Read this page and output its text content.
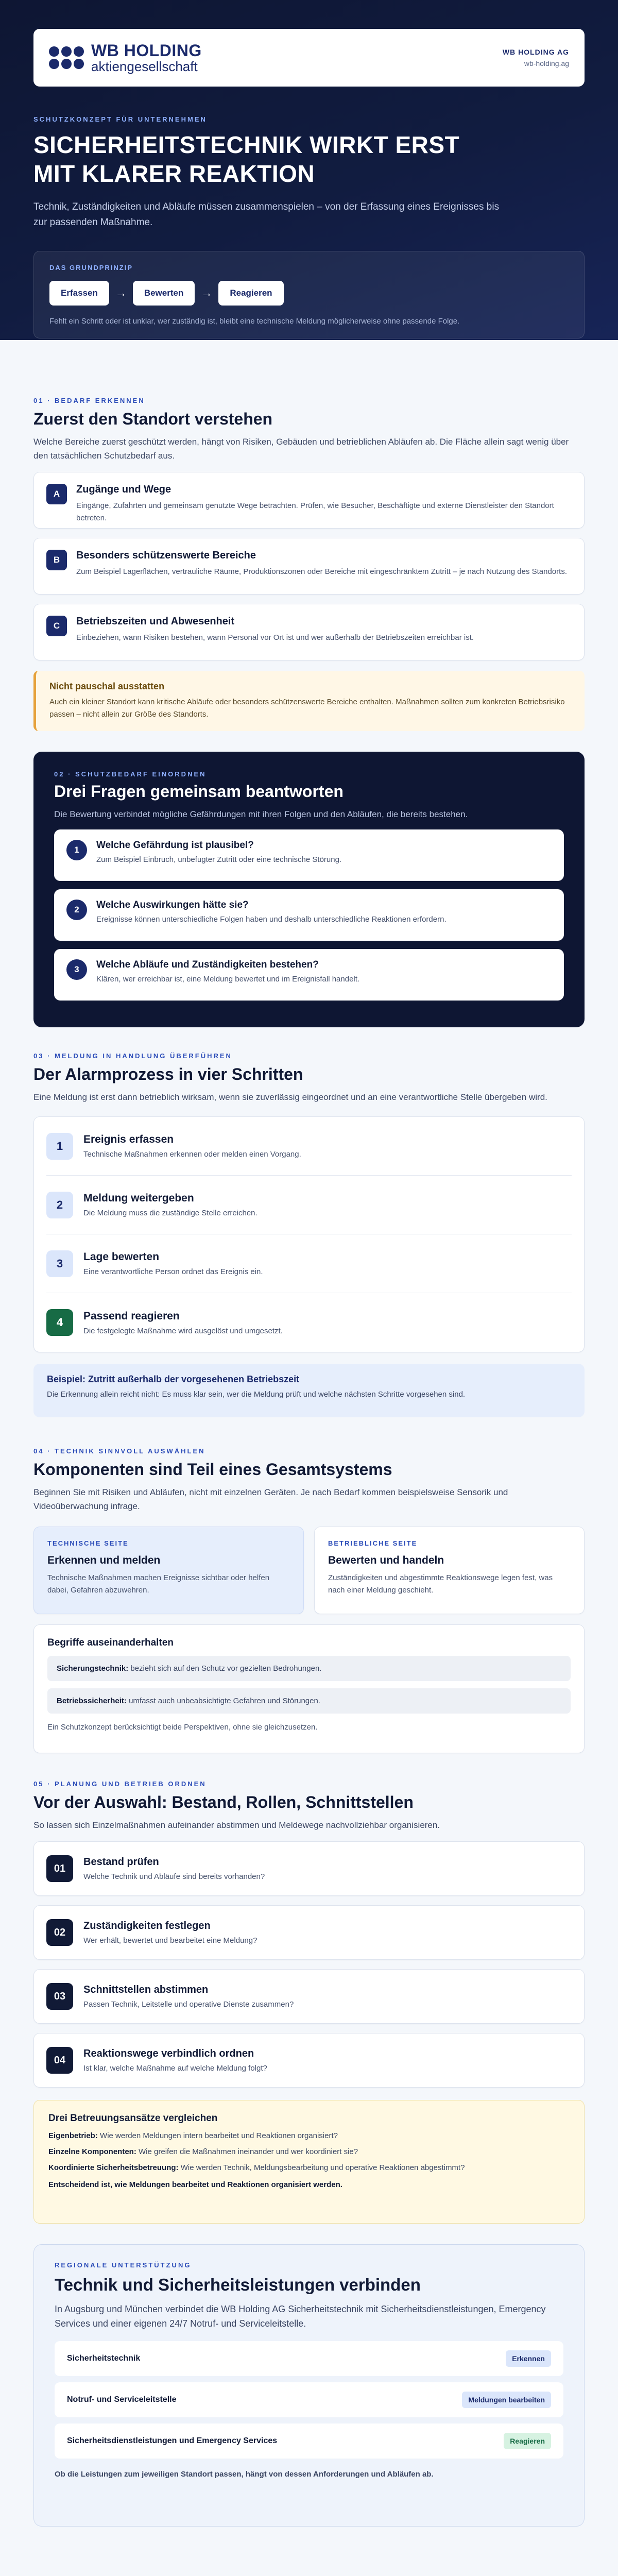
WB HOLDING
aktiengesellschaft
WB HOLDING AG
wb-holding.ag
SCHUTZKONZEPT FÜR UNTERNEHMEN
SICHERHEITSTECHNIK WIRKT ERST MIT KLARER REAKTION

Technik, Zuständigkeiten und Abläufe müssen zusammenspielen – von der Erfassung eines Ereignisses bis zur passenden Maßnahme.

DAS GRUNDPRINZIP
Erfassen	→	Bewerten	→	Reagieren
Fehlt ein Schritt oder ist unklar, wer zuständig ist, bleibt eine technische Meldung möglicherweise ohne passende Folge.
01 · BEDARF ERKENNEN
Zuerst den Standort verstehen

Welche Bereiche zuerst geschützt werden, hängt von Risiken, Gebäuden und betrieblichen Abläufen ab. Die Fläche allein sagt wenig über den tatsächlichen Schutzbedarf aus.

A	Zugänge und Wege
Eingänge, Zufahrten und gemeinsam genutzte Wege betrachten. Prüfen, wie Besucher, Beschäftigte und externe Dienstleister den Standort betreten.
B	Besonders schützenswerte Bereiche
Zum Beispiel Lagerflächen, vertrauliche Räume, Produktionszonen oder Bereiche mit eingeschränktem Zutritt – je nach Nutzung des Standorts.
C	Betriebszeiten und Abwesenheit
Einbeziehen, wann Risiken bestehen, wann Personal vor Ort ist und wer außerhalb der Betriebszeiten erreichbar ist.
Nicht pauschal ausstatten
Auch ein kleiner Standort kann kritische Abläufe oder besonders schützenswerte Bereiche enthalten. Maßnahmen sollten zum konkreten Betriebsrisiko passen – nicht allein zur Größe des Standorts.
02 · SCHUTZBEDARF EINORDNEN
Drei Fragen gemeinsam beantworten

Die Bewertung verbindet mögliche Gefährdungen mit ihren Folgen und den Abläufen, die bereits bestehen.

1	Welche Gefährdung ist plausibel?
Zum Beispiel Einbruch, unbefugter Zutritt oder eine technische Störung.
2	Welche Auswirkungen hätte sie?
Ereignisse können unterschiedliche Folgen haben und deshalb unterschiedliche Reaktionen erfordern.
3	Welche Abläufe und Zuständigkeiten bestehen?
Klären, wer erreichbar ist, eine Meldung bewertet und im Ereignisfall handelt.
03 · MELDUNG IN HANDLUNG ÜBERFÜHREN
Der Alarmprozess in vier Schritten

Eine Meldung ist erst dann betrieblich wirksam, wenn sie zuverlässig eingeordnet und an eine verantwortliche Stelle übergeben wird.

1	Ereignis erfassen
Technische Maßnahmen erkennen oder melden einen Vorgang.
2	Meldung weitergeben
Die Meldung muss die zuständige Stelle erreichen.
3	Lage bewerten
Eine verantwortliche Person ordnet das Ereignis ein.
4	Passend reagieren
Die festgelegte Maßnahme wird ausgelöst und umgesetzt.
Beispiel: Zutritt außerhalb der vorgesehenen Betriebszeit
Die Erkennung allein reicht nicht: Es muss klar sein, wer die Meldung prüft und welche nächsten Schritte vorgesehen sind.
04 · TECHNIK SINNVOLL AUSWÄHLEN
Komponenten sind Teil eines Gesamtsystems

Beginnen Sie mit Risiken und Abläufen, nicht mit einzelnen Geräten. Je nach Bedarf kommen beispielsweise Sensorik und Videoüberwachung infrage.

TECHNISCHE SEITE
Erkennen und melden
Technische Maßnahmen machen Ereignisse sichtbar oder helfen dabei, Gefahren abzuwehren.
BETRIEBLICHE SEITE
Bewerten und handeln
Zuständigkeiten und abgestimmte Reaktionswege legen fest, was nach einer Meldung geschieht.
Begriffe auseinanderhalten
Sicherungstechnik: bezieht sich auf den Schutz vor gezielten Bedrohungen.
Betriebssicherheit: umfasst auch unbeabsichtigte Gefahren und Störungen.
Ein Schutzkonzept berücksichtigt beide Perspektiven, ohne sie gleichzusetzen.
05 · PLANUNG UND BETRIEB ORDNEN
Vor der Auswahl: Bestand, Rollen, Schnittstellen

So lassen sich Einzelmaßnahmen aufeinander abstimmen und Meldewege nachvollziehbar organisieren.

01
Bestand prüfen
Welche Technik und Abläufe sind bereits vorhanden?
02
Zuständigkeiten festlegen
Wer erhält, bewertet und bearbeitet eine Meldung?
03
Schnittstellen abstimmen
Passen Technik, Leitstelle und operative Dienste zusammen?
04
Reaktionswege verbindlich ordnen
Ist klar, welche Maßnahme auf welche Meldung folgt?
Drei Betreuungsansätze vergleichen

Eigenbetrieb: Wie werden Meldungen intern bearbeitet und Reaktionen organisiert?

Einzelne Komponenten: Wie greifen die Maßnahmen ineinander und wer koordiniert sie?

Koordinierte Sicherheitsbetreuung: Wie werden Technik, Meldungsbearbeitung und operative Reaktionen abgestimmt?

Entscheidend ist, wie Meldungen bearbeitet und Reaktionen organisiert werden.

REGIONALE UNTERSTÜTZUNG
Technik und Sicherheitsleistungen verbinden
In Augsburg und München verbindet die WB Holding AG Sicherheitstechnik mit Sicherheitsdienstleistungen, Emergency Services und einer eigenen 24/7 Notruf- und Serviceleitstelle.
Sicherheitstechnik	Erkennen
Notruf- und Serviceleitstelle	Meldungen bearbeiten
Sicherheitsdienstleistungen und Emergency Services	Reagieren
Ob die Leistungen zum jeweiligen Standort passen, hängt von dessen Anforderungen und Abläufen ab.
